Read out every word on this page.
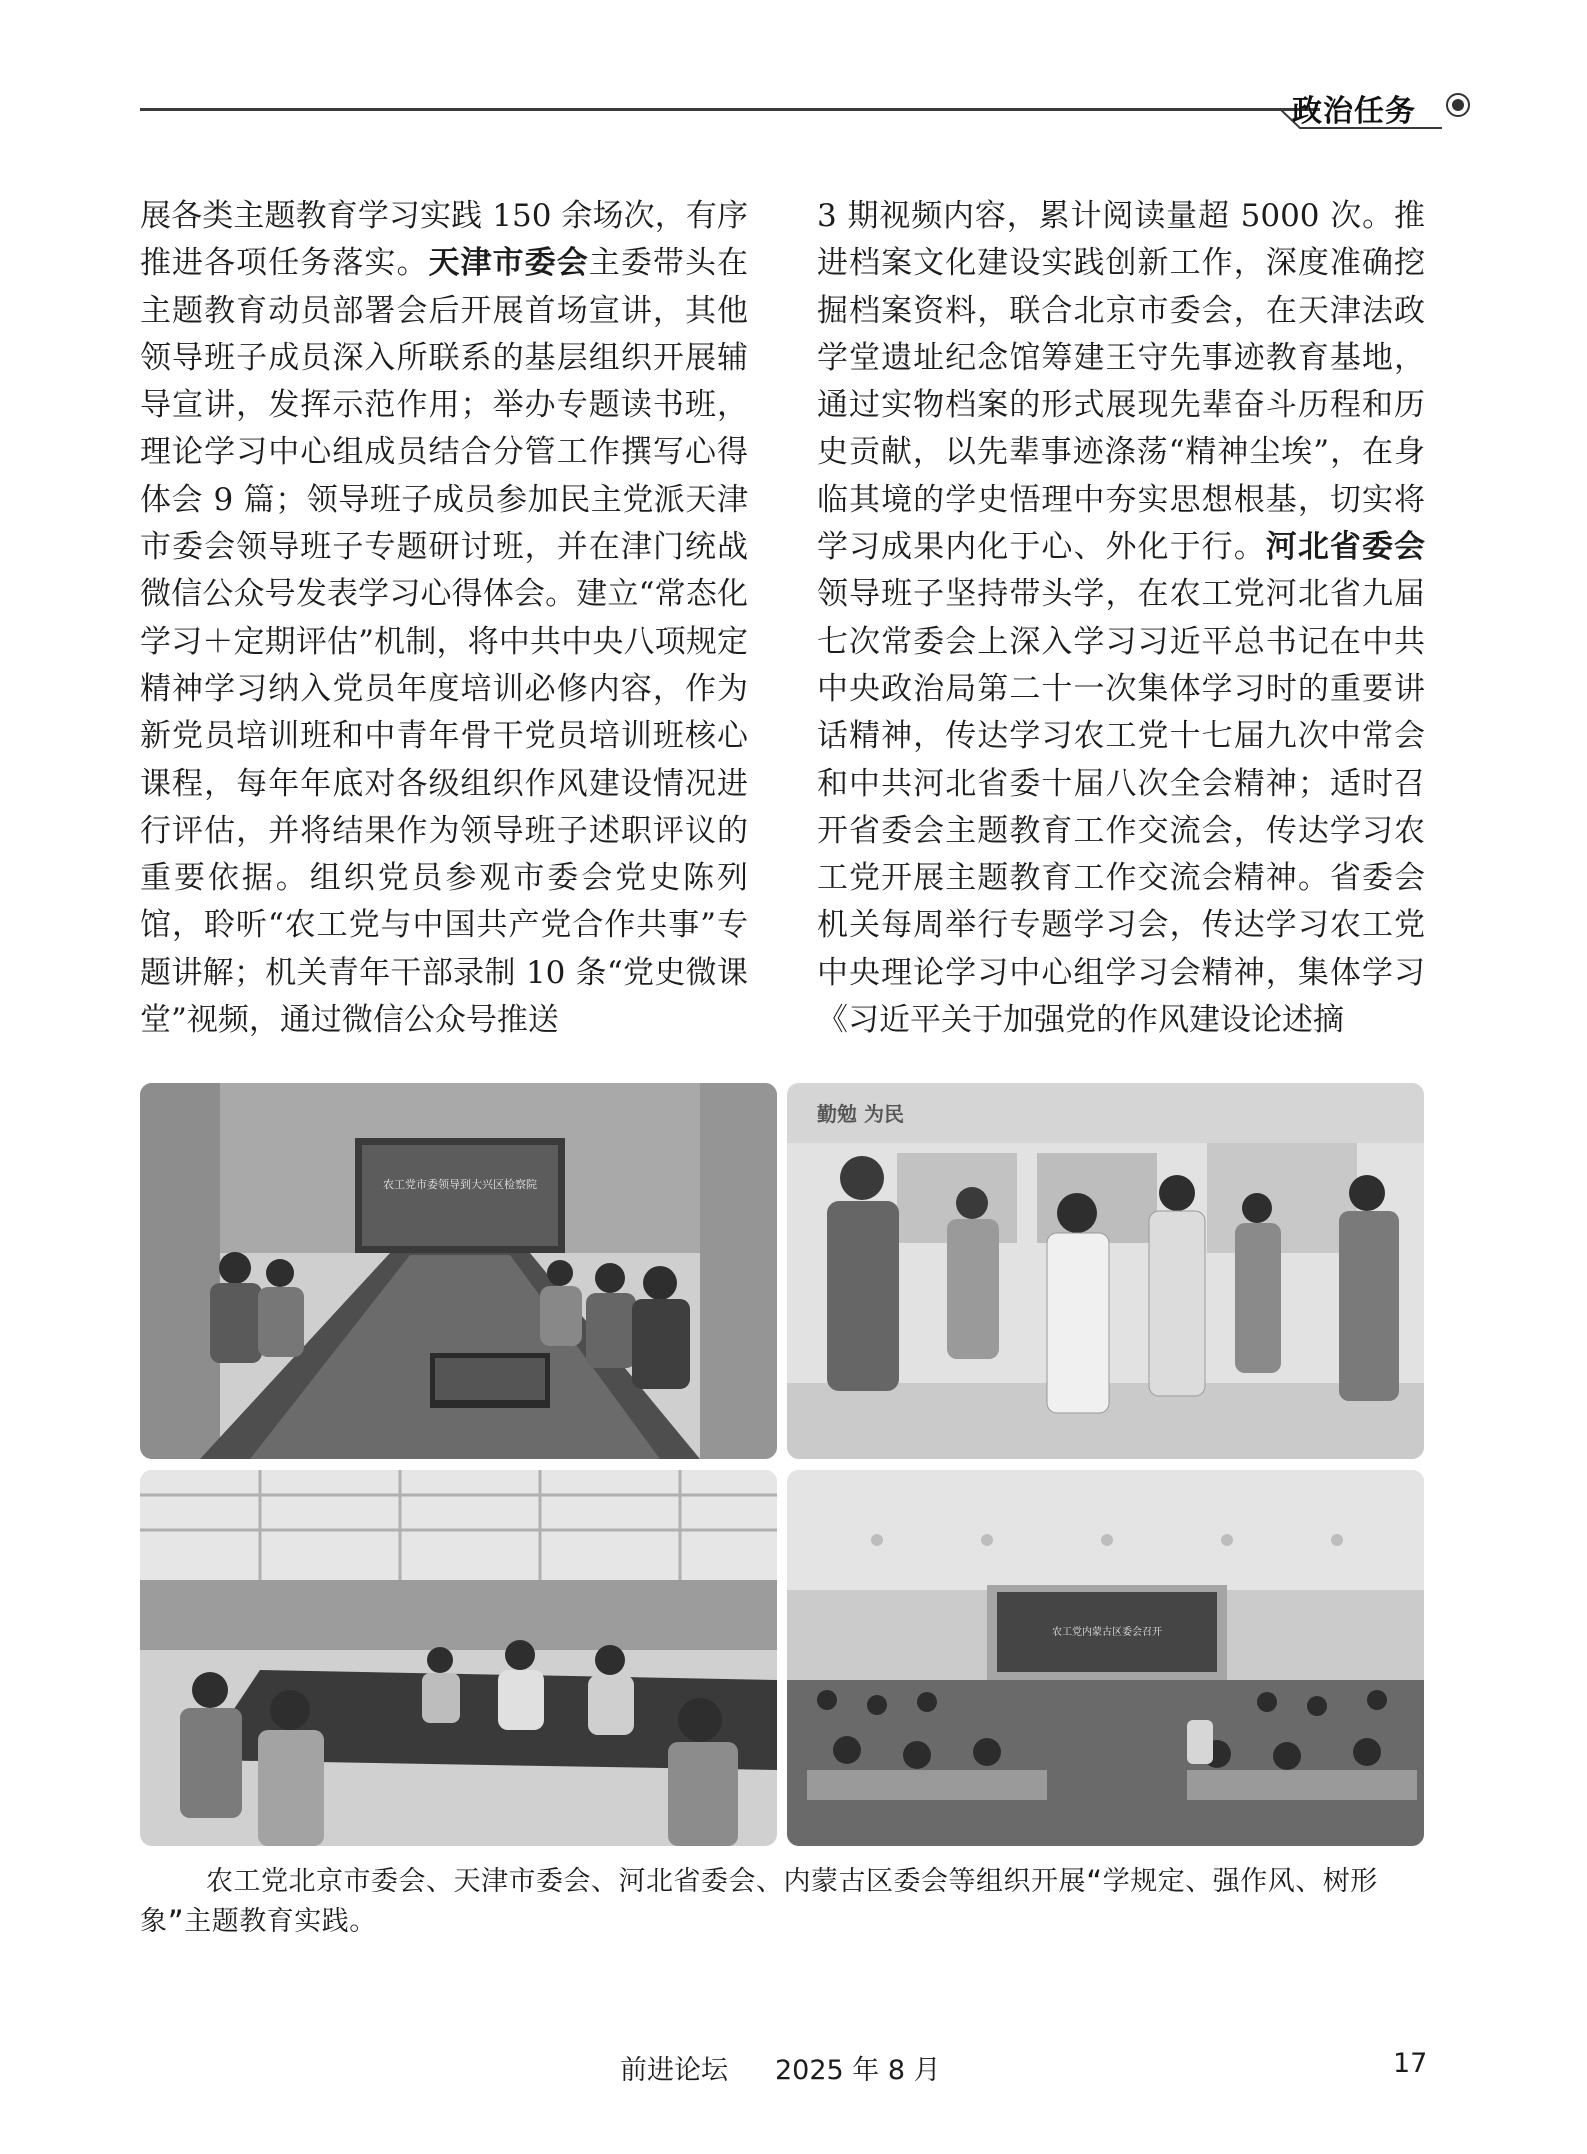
政治任务

展各类主题教育学习实践 150 余场次，有序推进各项任务落实。天津市委会主委带头在主题教育动员部署会后开展首场宣讲，其他领导班子成员深入所联系的基层组织开展辅导宣讲，发挥示范作用；举办专题读书班，理论学习中心组成员结合分管工作撰写心得体会 9 篇；领导班子成员参加民主党派天津市委会领导班子专题研讨班，并在津门统战微信公众号发表学习心得体会。建立“常态化学习＋定期评估”机制，将中共中央八项规定精神学习纳入党员年度培训必修内容，作为新党员培训班和中青年骨干党员培训班核心课程，每年年底对各级组织作风建设情况进行评估，并将结果作为领导班子述职评议的重要依据。组织党员参观市委会党史陈列馆，聆听“农工党与中国共产党合作共事”专题讲解；机关青年干部录制 10 条“党史微课堂”视频，通过微信公众号推送

3 期视频内容，累计阅读量超 5000 次。推进档案文化建设实践创新工作，深度准确挖掘档案资料，联合北京市委会，在天津法政学堂遗址纪念馆筹建王守先事迹教育基地，通过实物档案的形式展现先辈奋斗历程和历史贡献，以先辈事迹涤荡“精神尘埃”，在身临其境的学史悟理中夯实思想根基，切实将学习成果内化于心、外化于行。河北省委会领导班子坚持带头学，在农工党河北省九届七次常委会上深入学习习近平总书记在中共中央政治局第二十一次集体学习时的重要讲话精神，传达学习农工党十七届九次中常会和中共河北省委十届八次全会精神；适时召开省委会主题教育工作交流会，传达学习农工党开展主题教育工作交流会精神。省委会机关每周举行专题学习会，传达学习农工党中央理论学习中心组学习会精神，集体学习《习近平关于加强党的作风建设论述摘

农工党市委领导到大兴区检察院
勤勉 为民
农工党内蒙古区委会召开
农工党北京市委会、天津市委会、河北省委会、内蒙古区委会等组织开展“学规定、强作风、树形象”主题教育实践。
前进论坛 2025 年 8 月	17
